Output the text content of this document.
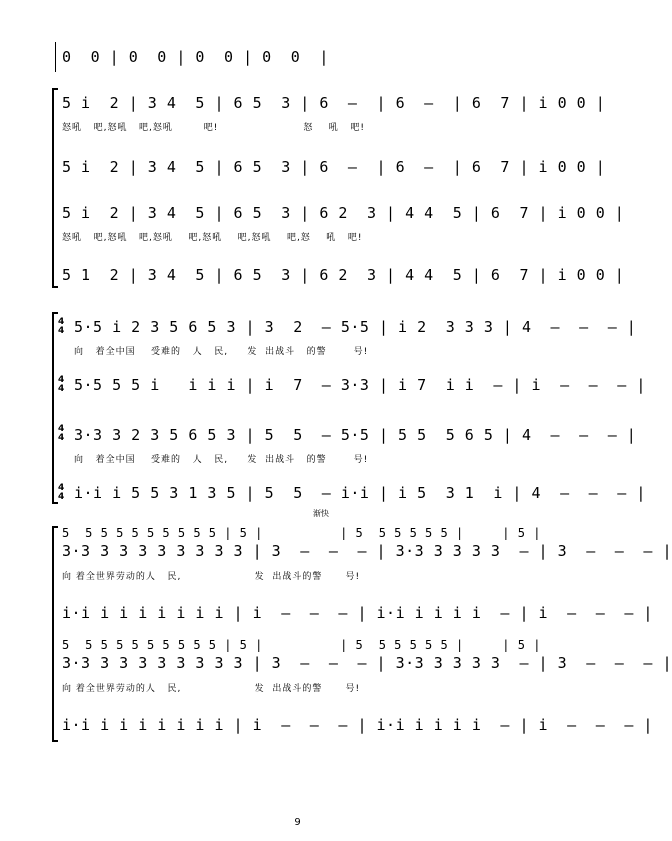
0  0 | 0  0 | 0  0 | 0  0  |
5 i  2 | 3 4  5 | 6 5  3 | 6  —  | 6  —  | 6  7 | i 0 0 |
怒吼   吧,怒吼   吧,怒吼        吧!                      怒    吼   吧!
5 i  2 | 3 4  5 | 6 5  3 | 6  —  | 6  —  | 6  7 | i 0 0 |
5 i  2 | 3 4  5 | 6 5  3 | 6 2  3 | 4 4  5 | 6  7 | i 0 0 |
怒吼   吧,怒吼   吧,怒吼    吧,怒吼    吧,怒吼    吧,怒    吼   吧!
5 1  2 | 3 4  5 | 6 5  3 | 6 2  3 | 4 4  5 | 6  7 | i 0 0 |
4
4
4
4
4
4
4
4
5·5 i 2 3 5 6 5 3 | 3  2  — 5·5 | i 2  3 3 3 | 4  —  —  — |
向   着全中国    受难的   人   民,     发  出战斗   的警       号!
5·5 5 5 i   i i i | i  7  — 3·3 | i 7  i i  — | i  —  —  — |
3·3 3 2 3 5 6 5 3 | 5  5  — 5·5 | 5 5  5 6 5 | 4  —  —  — |
向   着全中国    受难的   人   民,     发  出战斗   的警       号!
i·i i 5 5 3 1 3 5 | 5  5  — i·i | i 5  3 1  i | 4  —  —  — |
渐快
5  5 5 5 5 5 5 5 5 5 | 5 |          | 5  5 5 5 5 5 |     | 5 |
3·3 3 3 3 3 3 3 3 3 | 3  —  —  — | 3·3 3 3 3 3  — | 3  —  —  — |
向 着全世界劳动的人   民,                   发  出战斗的警      号!
i·i i i i i i i i | i  —  —  — | i·i i i i i  — | i  —  —  — |
5  5 5 5 5 5 5 5 5 5 | 5 |          | 5  5 5 5 5 5 |     | 5 |
3·3 3 3 3 3 3 3 3 3 | 3  —  —  — | 3·3 3 3 3 3  — | 3  —  —  — |
向 着全世界劳动的人   民,                   发  出战斗的警      号!
i·i i i i i i i i | i  —  —  — | i·i i i i i  — | i  —  —  — |
9
